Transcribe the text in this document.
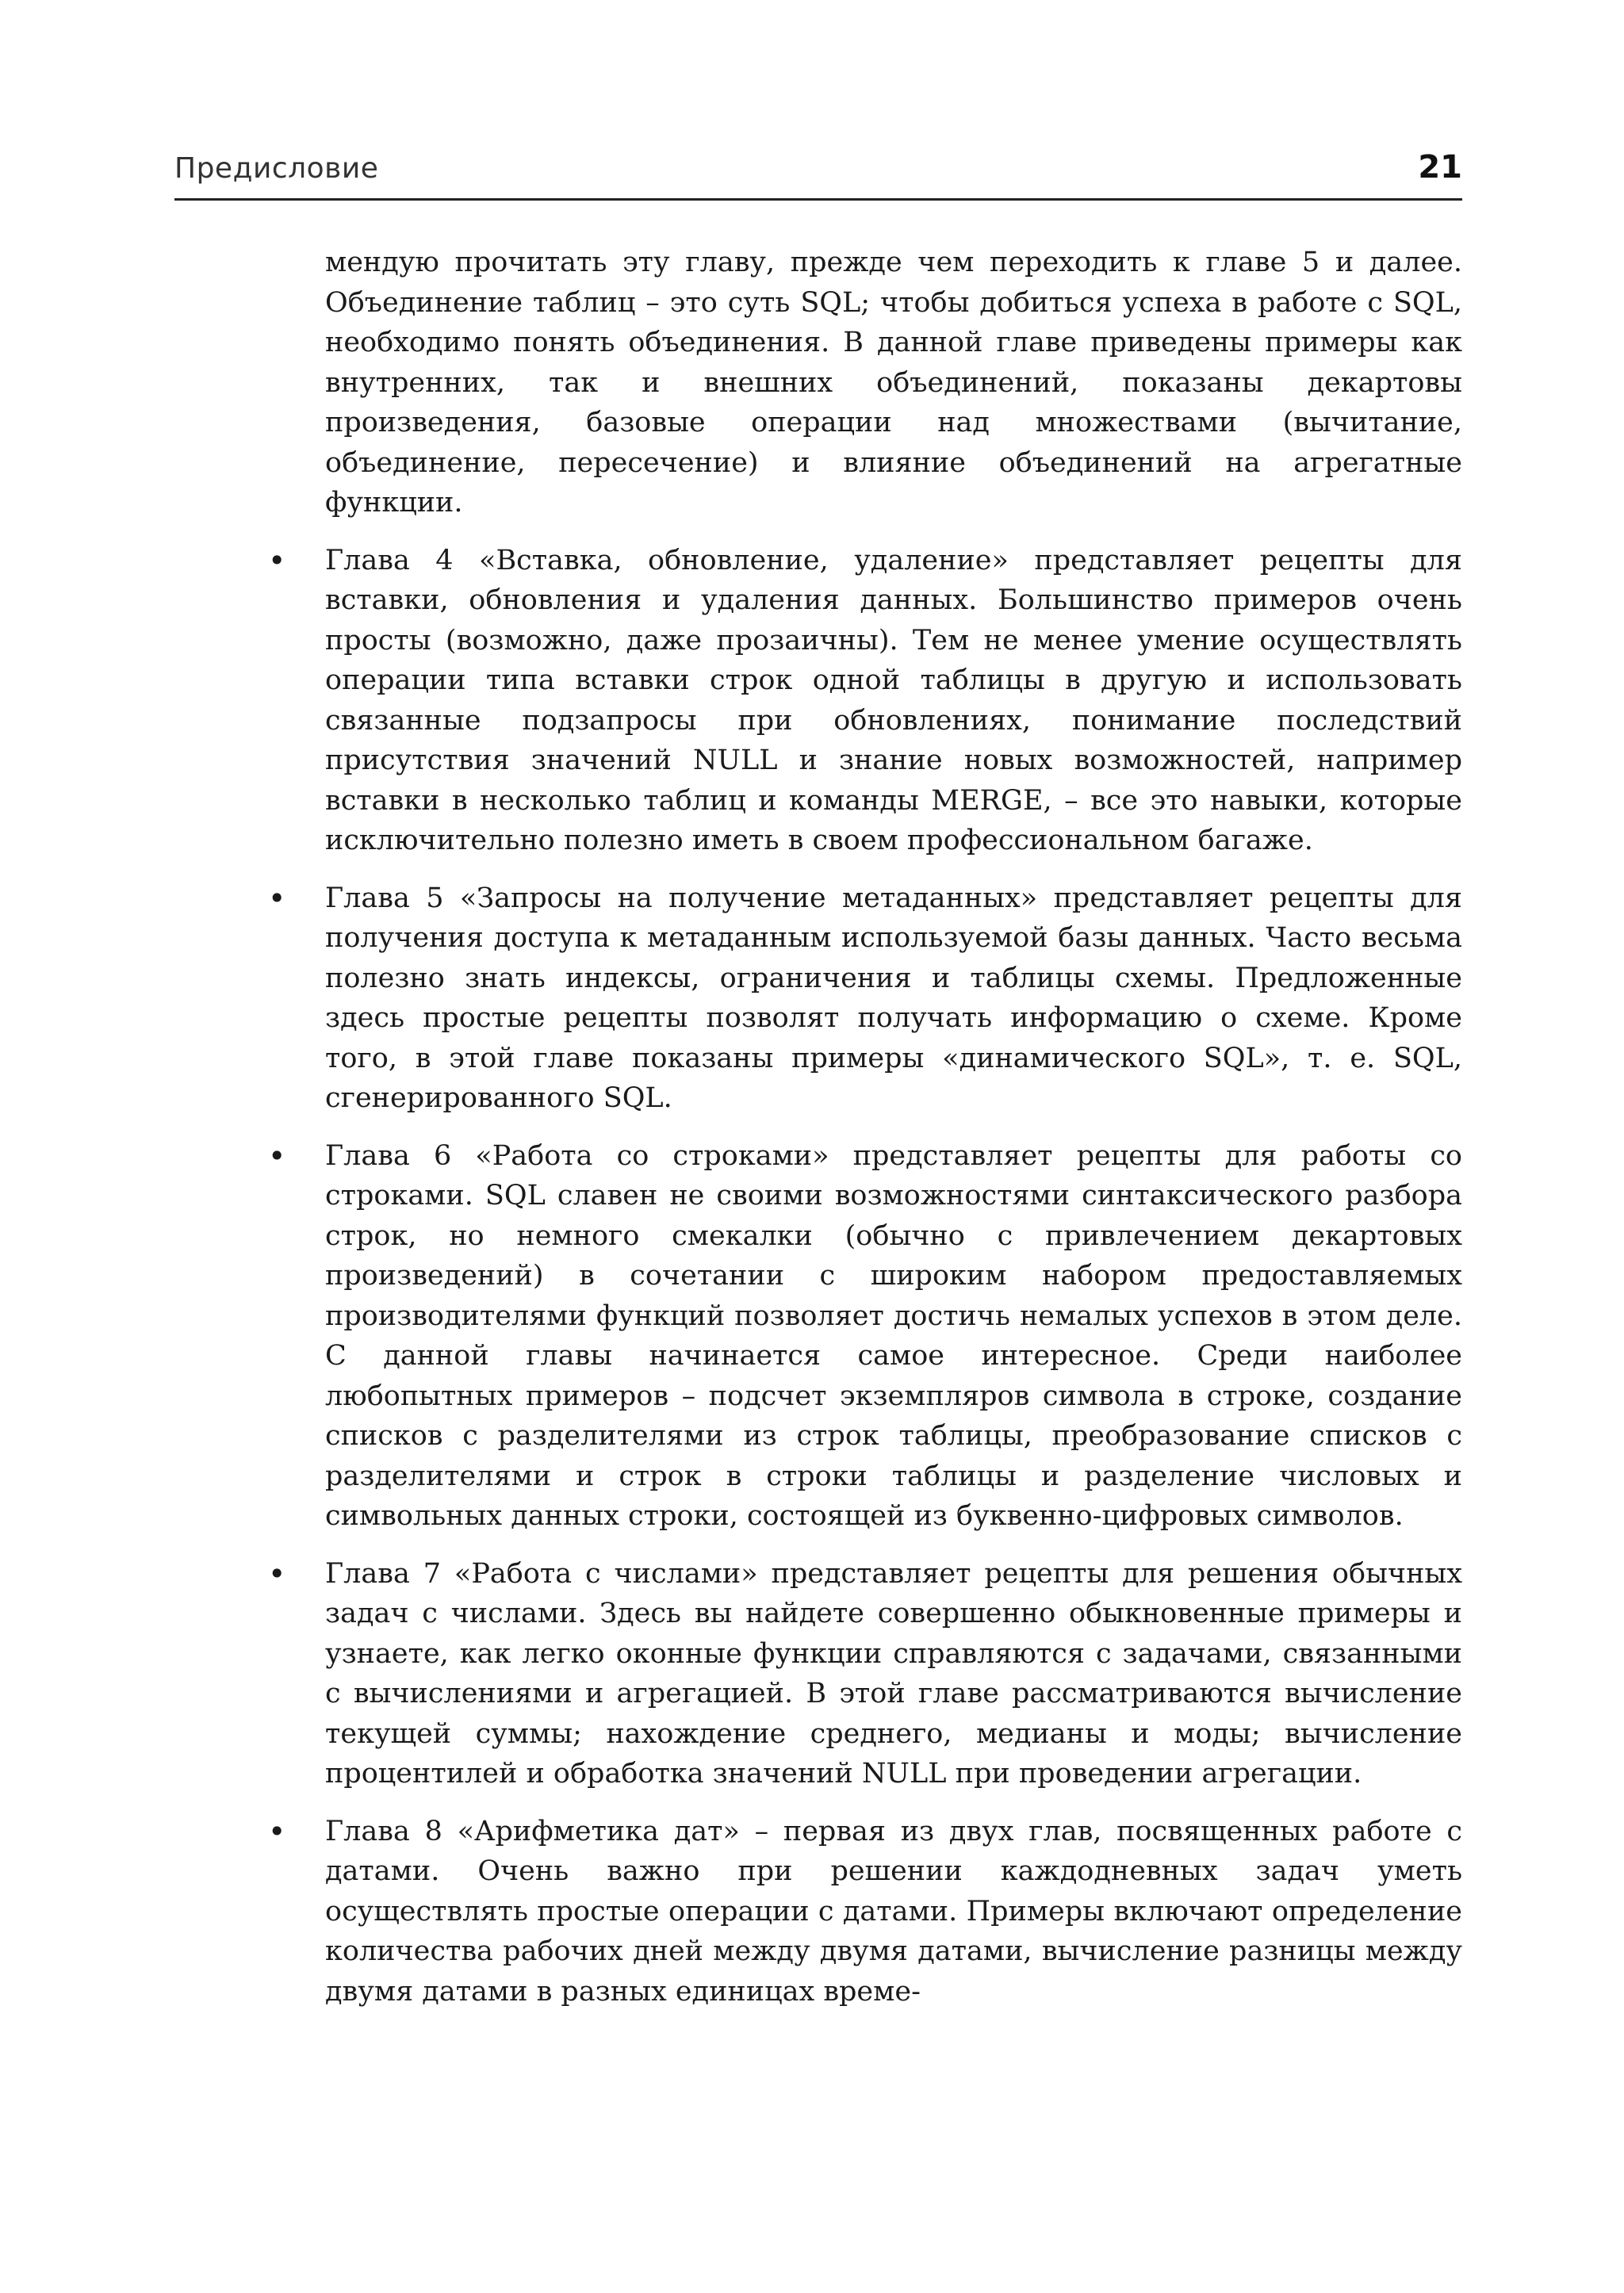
Предисловие	21

мендую прочитать эту главу, прежде чем переходить к главе 5 и далее. Объединение таблиц – это суть SQL; чтобы добиться успеха в работе с SQL, необходимо понять объединения. В данной главе приведены примеры как внутренних, так и внешних объединений, показаны декартовы произведения, базовые операции над множествами (вычитание, объединение, пересечение) и влияние объединений на агрегатные функции.

• Глава 4 «Вставка, обновление, удаление» представляет рецепты для вставки, обновления и удаления данных. Большинство примеров очень просты (возможно, даже прозаичны). Тем не менее умение осуществлять операции типа вставки строк одной таблицы в другую и использовать связанные подзапросы при обновлениях, понимание последствий присутствия значений NULL и знание новых возможностей, например вставки в несколько таблиц и команды MERGE, – все это навыки, которые исключительно полезно иметь в своем профессиональном багаже.
• Глава 5 «Запросы на получение метаданных» представляет рецепты для получения доступа к метаданным используемой базы данных. Часто весьма полезно знать индексы, ограничения и таблицы схемы. Предложенные здесь простые рецепты позволят получать информацию о схеме. Кроме того, в этой главе показаны примеры «динамического SQL», т. е. SQL, сгенерированного SQL.
• Глава 6 «Работа со строками» представляет рецепты для работы со строками. SQL славен не своими возможностями синтаксического разбора строк, но немного смекалки (обычно с привлечением декартовых произведений) в сочетании с широким набором предоставляемых производителями функций позволяет достичь немалых успехов в этом деле. С данной главы начинается самое интересное. Среди наиболее любопытных примеров – подсчет экземпляров символа в строке, создание списков с разделителями из строк таблицы, преобразование списков с разделителями и строк в строки таблицы и разделение числовых и символьных данных строки, состоящей из буквенно-цифровых символов.
• Глава 7 «Работа с числами» представляет рецепты для решения обычных задач с числами. Здесь вы найдете совершенно обыкновенные примеры и узнаете, как легко оконные функции справляются с задачами, связанными с вычислениями и агрегацией. В этой главе рассматриваются вычисление текущей суммы; нахождение среднего, медианы и моды; вычисление процентилей и обработка значений NULL при проведении агрегации.
• Глава 8 «Арифметика дат» – первая из двух глав, посвященных работе с датами. Очень важно при решении каждодневных задач уметь осуществлять простые операции с датами. Примеры включают определение количества рабочих дней между двумя датами, вычисление разницы между двумя датами в разных единицах време-
